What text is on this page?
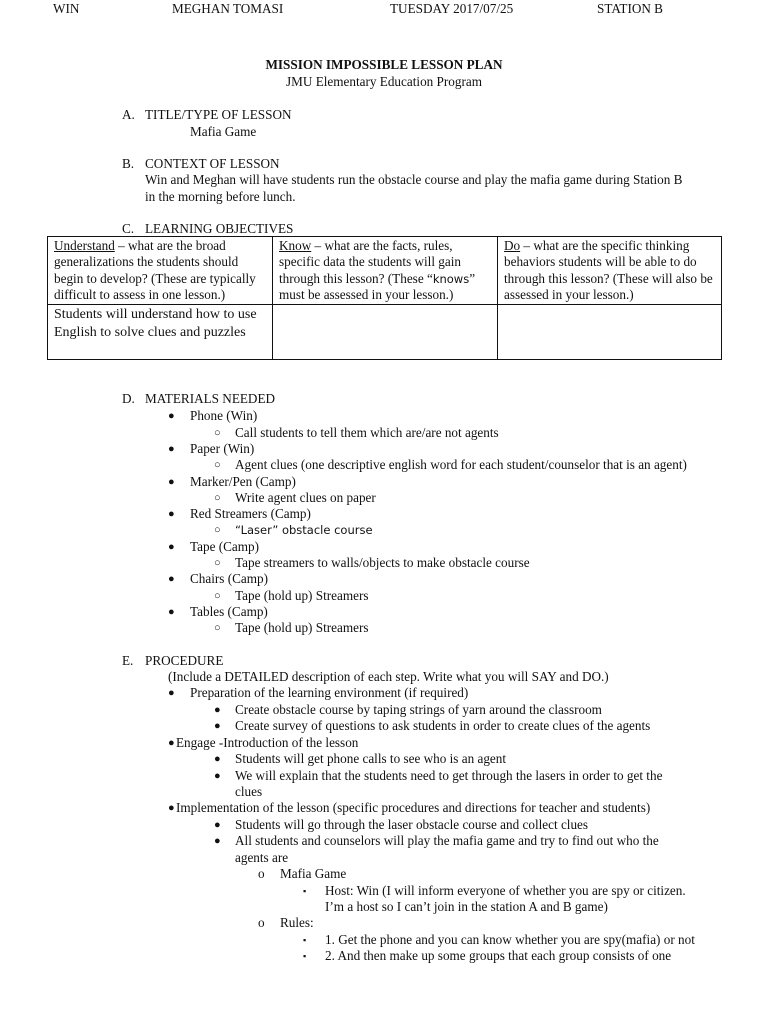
WIN	MEGHAN TOMASI	TUESDAY 2017/07/25	STATION B
MISSION IMPOSSIBLE LESSON PLAN
JMU Elementary Education Program
A. TITLE/TYPE OF LESSON
Mafia Game
B. CONTEXT OF LESSON
Win and Meghan will have students run the obstacle course and play the mafia game during Station B
in the morning before lunch.
C. LEARNING OBJECTIVES
Understand – what are the broad generalizations the students should begin to develop? (These are typically difficult to assess in one lesson.)	Know – what are the facts, rules, specific data the students will gain through this lesson? (These “knows” must be assessed in your lesson.)	Do – what are the specific thinking behaviors students will be able to do through this lesson? (These will also be assessed in your lesson.)
Students will understand how to use English to solve clues and puzzles		
D. MATERIALS NEEDED
● Phone (Win)
○ Call students to tell them which are/are not agents
● Paper (Win)
○ Agent clues (one descriptive english word for each student/counselor that is an agent)
● Marker/Pen (Camp)
○ Write agent clues on paper
● Red Streamers (Camp)
○ “Laser” obstacle course
● Tape (Camp)
○ Tape streamers to walls/objects to make obstacle course
● Chairs (Camp)
○ Tape (hold up) Streamers
● Tables (Camp)
○ Tape (hold up) Streamers
E. PROCEDURE
(Include a DETAILED description of each step. Write what you will SAY and DO.)
● Preparation of the learning environment (if required)
● Create obstacle course by taping strings of yarn around the classroom
● Create survey of questions to ask students in order to create clues of the agents
● Engage -Introduction of the lesson
● Students will get phone calls to see who is an agent
● We will explain that the students need to get through the lasers in order to get the
clues
● Implementation of the lesson (specific procedures and directions for teacher and students)
● Students will go through the laser obstacle course and collect clues
● All students and counselors will play the mafia game and try to find out who the
agents are
o Mafia Game
▪ Host: Win (I will inform everyone of whether you are spy or citizen.
I’m a host so I can’t join in the station A and B game)
o Rules:
▪ 1. Get the phone and you can know whether you are spy(mafia) or not
▪ 2. And then make up some groups that each group consists of one
